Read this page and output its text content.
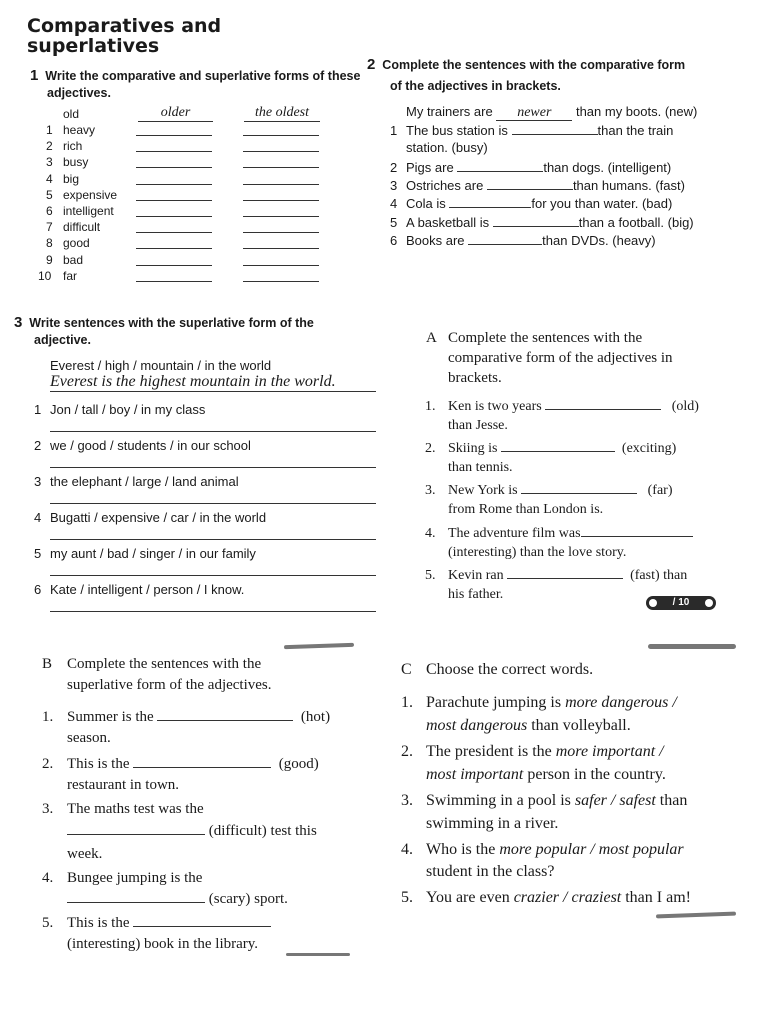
Comparatives and
superlatives
1 Write the comparative and superlative forms of these
adjectives.
old	older	the oldest
1 heavy
2 rich
3 busy
4 big
5 expensive
6 intelligent
7 difficult
8 good
9 bad
10 far
2 Complete the sentences with the comparative form
of the adjectives in brackets.
My trainers are newer than my boots. (new)
1 The bus station is	than the train
station. (busy)
2 Pigs are	than dogs. (intelligent)
3 Ostriches are	than humans. (fast)
4 Cola is	for you than water. (bad)
5 A basketball is	than a football. (big)
6 Books are	than DVDs. (heavy)
3 Write sentences with the superlative form of the
adjective.
Everest / high / mountain / in the world
Everest is the highest mountain in the world.
1 Jon / tall / boy / in my class
2 we / good / students / in our school
3 the elephant / large / land animal
4 Bugatti / expensive / car / in the world
5 my aunt / bad / singer / in our family
6 Kate / intelligent / person / I know.
A Complete the sentences with the
comparative form of the adjectives in
brackets.
1. Ken is two years	(old)
than Jesse.
2. Skiing is	(exciting)
than tennis.
3. New York is	(far)
from Rome than London is.
4. The adventure film was
(interesting) than the love story.
5. Kevin ran	(fast) than
his father.
/ 10
B Complete the sentences with the
superlative form of the adjectives.
1. Summer is the	(hot)
season.
2. This is the	(good)
restaurant in town.
3. The maths test was the
(difficult) test this
week.
4. Bungee jumping is the
(scary) sport.
5. This is the
(interesting) book in the library.
C Choose the correct words.
1. Parachute jumping is more dangerous /
most dangerous than volleyball.
2. The president is the more important /
most important person in the country.
3. Swimming in a pool is safer / safest than
swimming in a river.
4. Who is the more popular / most popular
student in the class?
5. You are even crazier / craziest than I am!
